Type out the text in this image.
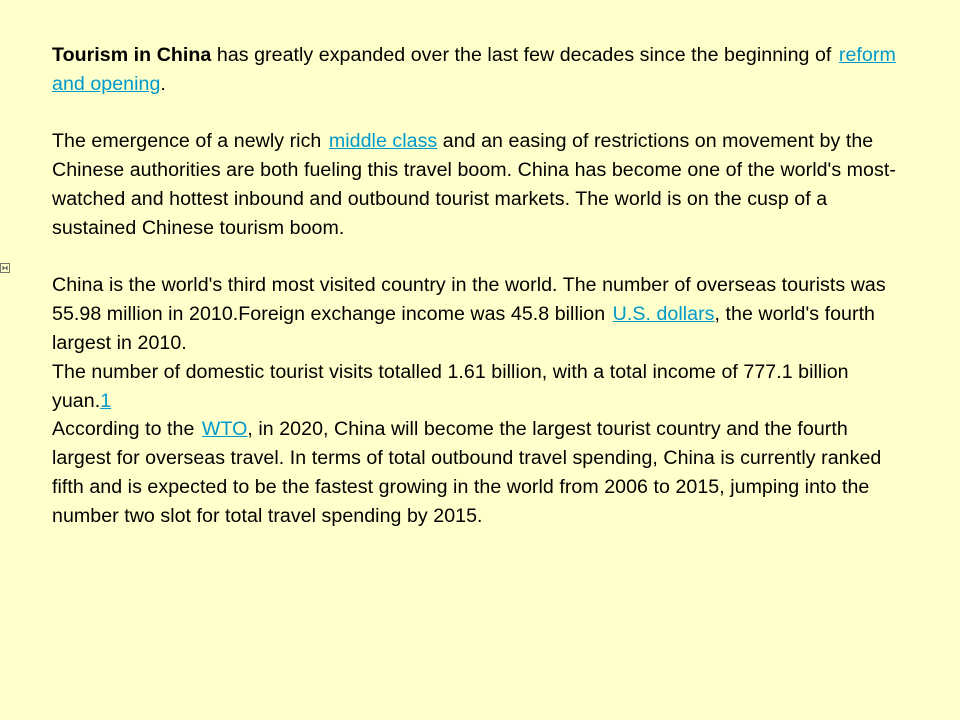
Tourism in China has greatly expanded over the last few decades since the beginning of reform and opening.

The emergence of a newly rich middle class and an easing of restrictions on movement by the Chinese authorities are both fueling this travel boom. China has become one of the world's most-watched and hottest inbound and outbound tourist markets. The world is on the cusp of a sustained Chinese tourism boom.

China is the world's third most visited country in the world. The number of overseas tourists was 55.98 million in 2010.Foreign exchange income was 45.8 billion U.S. dollars, the world's fourth largest in 2010.

The number of domestic tourist visits totalled 1.61 billion, with a total income of 777.1 billion yuan.1

According to the WTO, in 2020, China will become the largest tourist country and the fourth largest for overseas travel. In terms of total outbound travel spending, China is currently ranked fifth and is expected to be the fastest growing in the world from 2006 to 2015, jumping into the number two slot for total travel spending by 2015.
